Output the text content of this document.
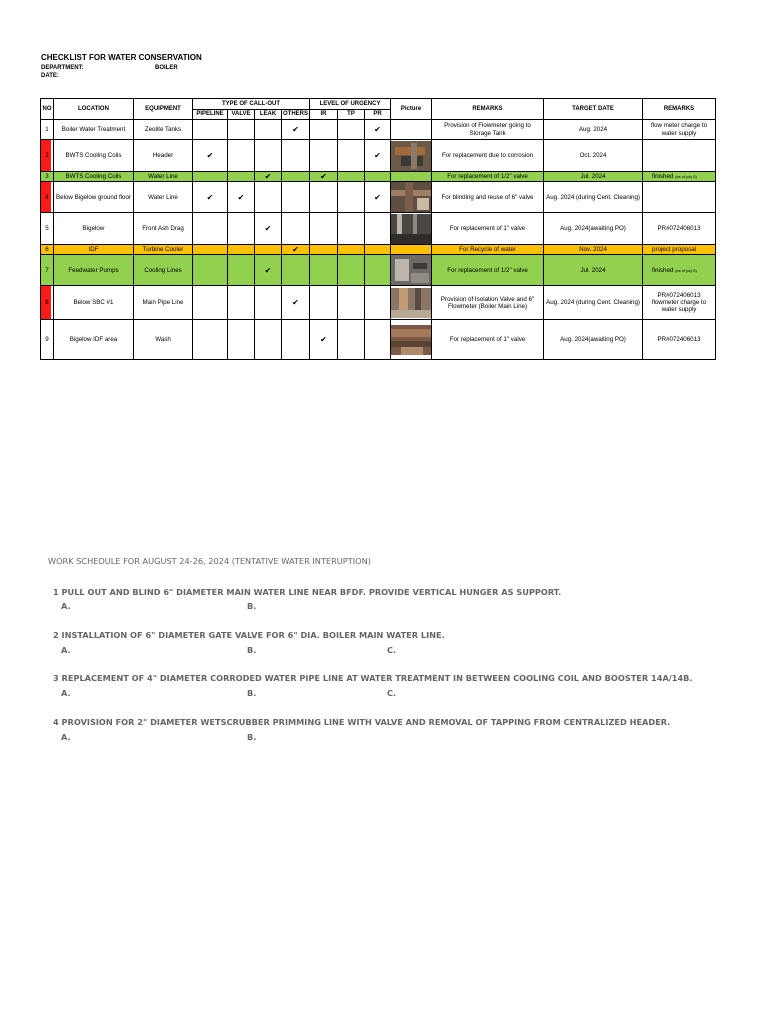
CHECKLIST FOR WATER CONSERVATION
DEPARTMENT:	BOILER
DATE:
NO	LOCATION	EQUIPMENT	TYPE OF CALL-OUT				LEVEL OF URGENCY			Picture	REMARKS	TARGET DATE	REMARKS
			PIPELINE	VALVE	LEAK	OTHERS	IR	TP	PR				
1	Boiler Water Treatment	Zeolite Tanks				✔			✔		Provision of Flowmeter going to Storage Tank	Aug. 2024	flow meter charge to water supply
2	BWTS Cooling Coils	Header	✔						✔		For replacement due to corrosion	Oct. 2024	
3	BWTS Cooling Coils	Water Line			✔		✔				For replacement of 1/2" valve	Jul. 2024	finished (as of july 5)
4	Below Bigelow ground floor	Water Line	✔	✔					✔		For blinding and reuse of 6" valve	Aug. 2024 (during Cent. Cleaning)	
5	Bigelow	Front Ash Drag			✔						For replacement of 1" valve	Aug. 2024(awaiting PO)	PR#072406013
6	IDF	Turbine Cooler				✔					For Recycle of water	Nov. 2024	project proposal
7	Feedwater Pumps	Cooling Lines			✔						For replacement of 1/2" valve	Jul. 2024	finished (as of july 5)
8	Below SBC #1	Main Pipe Line				✔					Provision of Isolation Valve and 6" Flowmeter (Boiler Main Line)	Aug. 2024 (during Cent. Cleaning)	PR#072406013 flowmeter charge to water supply
9	Bigelow IDF area	Wash					✔				For replacement of 1" valve	Aug. 2024(awaiting PO)	PR#072406013
WORK SCHEDULE FOR AUGUST 24-26, 2024 (TENTATIVE WATER INTERUPTION)
1 PULL OUT AND BLIND 6" DIAMETER MAIN WATER LINE NEAR BFDF. PROVIDE VERTICAL HUNGER AS SUPPORT.
A.	B.
2 INSTALLATION OF 6" DIAMETER GATE VALVE FOR 6" DIA. BOILER MAIN WATER LINE.
A.	B.	C.
3 REPLACEMENT OF 4" DIAMETER CORRODED WATER PIPE LINE AT WATER TREATMENT IN BETWEEN COOLING COIL AND BOOSTER 14A/14B.
A.	B.	C.
4 PROVISION FOR 2" DIAMETER WETSCRUBBER PRIMMING LINE WITH VALVE AND REMOVAL OF TAPPING FROM CENTRALIZED HEADER.
A.	B.
